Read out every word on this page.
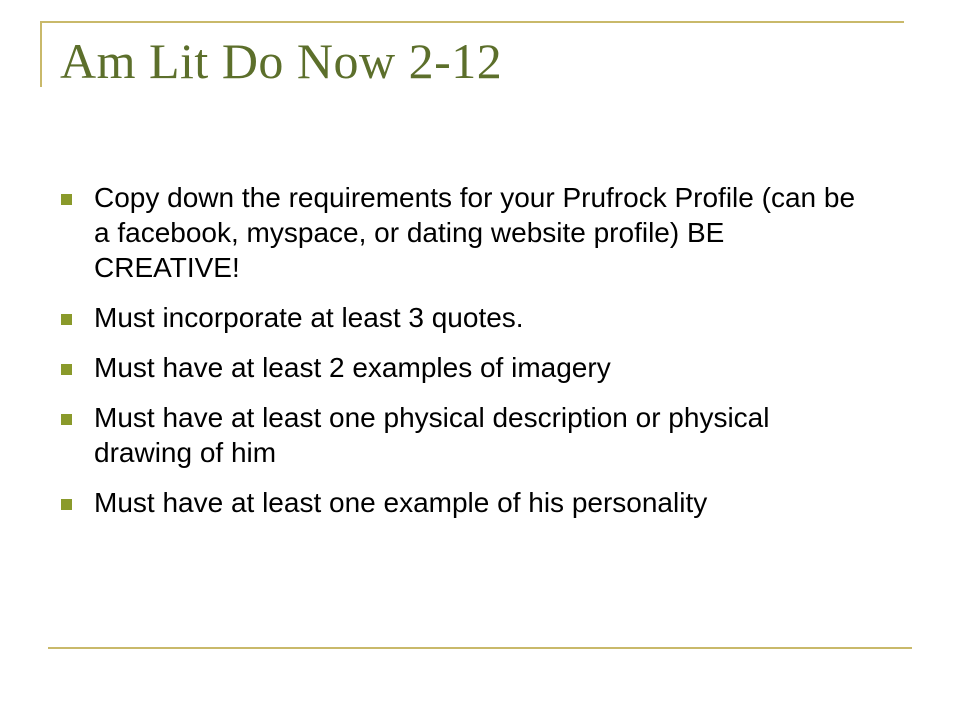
Am Lit Do Now 2-12
Copy down the requirements for your Prufrock Profile (can be a facebook, myspace, or dating website profile) BE CREATIVE!
Must incorporate at least 3 quotes.
Must have at least 2 examples of imagery
Must have at least one physical description or physical drawing of him
Must have at least one example of his personality
